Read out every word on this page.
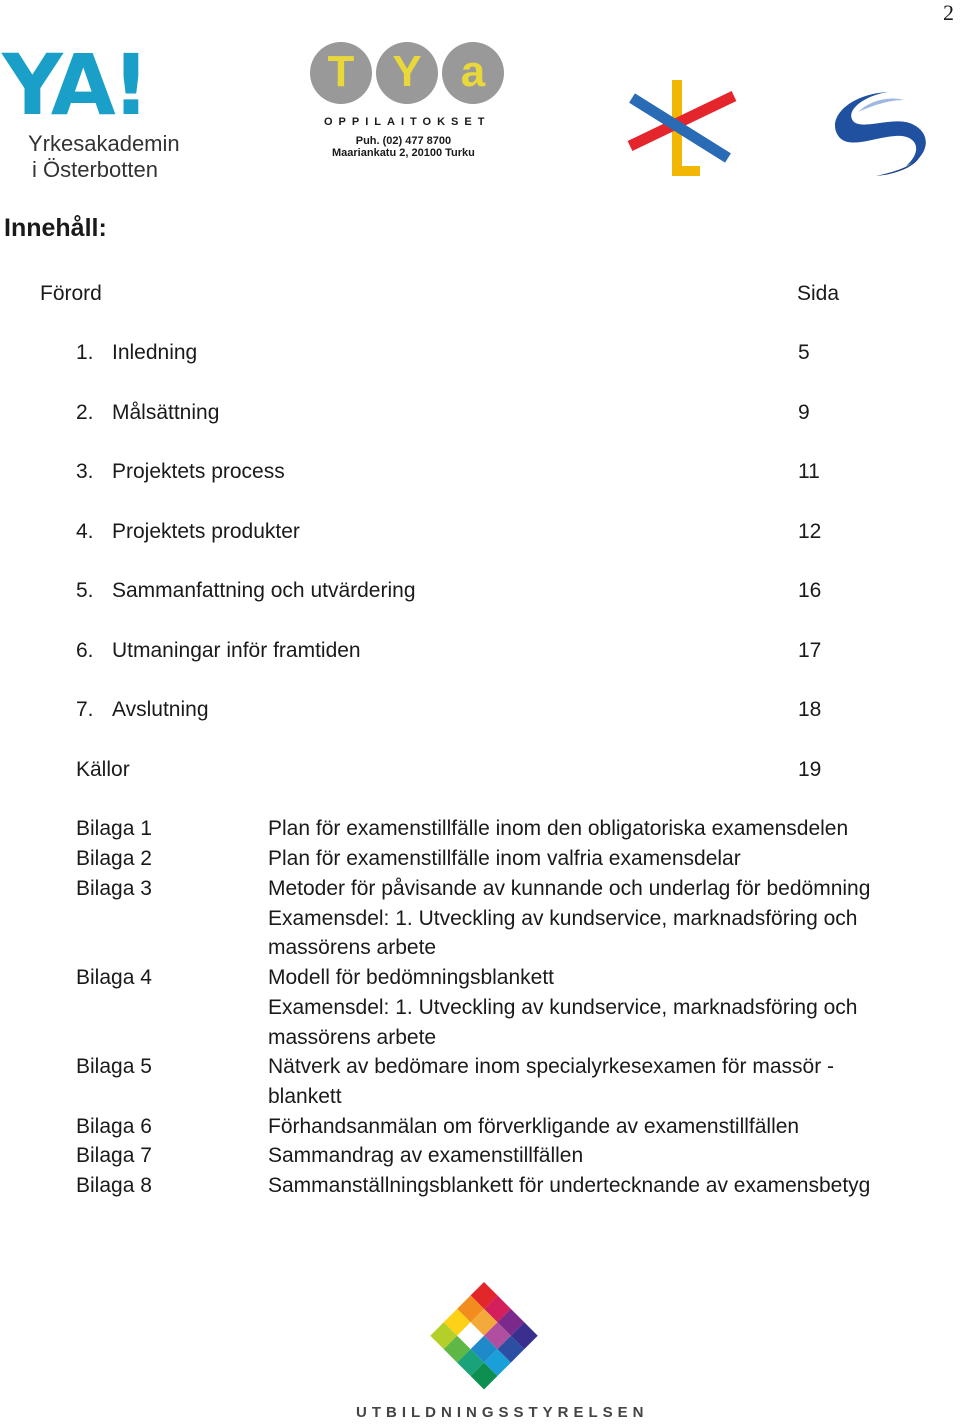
2
YA!
Yrkesakademin
i Österbotten
T Y a
OPPILAITOKSET
Puh. (02) 477 8700
Maariankatu 2, 20100 Turku
Innehåll:
Förord	Sida
1. Inledning	5
2. Målsättning	9
3. Projektets process	11
4. Projektets produkter	12
5. Sammanfattning och utvärdering	16
6. Utmaningar inför framtiden	17
7. Avslutning	18
Källor	19
Bilaga 1	Plan för examenstillfälle inom den obligatoriska examensdelen
Bilaga 2	Plan för examenstillfälle inom valfria examensdelar
Bilaga 3	Metoder för påvisande av kunnande och underlag för bedömning
Examensdel: 1. Utveckling av kundservice, marknadsföring och
massörens arbete
Bilaga 4	Modell för bedömningsblankett
Examensdel: 1. Utveckling av kundservice, marknadsföring och
massörens arbete
Bilaga 5	Nätverk av bedömare inom specialyrkesexamen för massör -
blankett
Bilaga 6	Förhandsanmälan om förverkligande av examenstillfällen
Bilaga 7	Sammandrag av examenstillfällen
Bilaga 8	Sammanställningsblankett för undertecknande av examensbetyg
UTBILDNINGSSTYRELSEN
